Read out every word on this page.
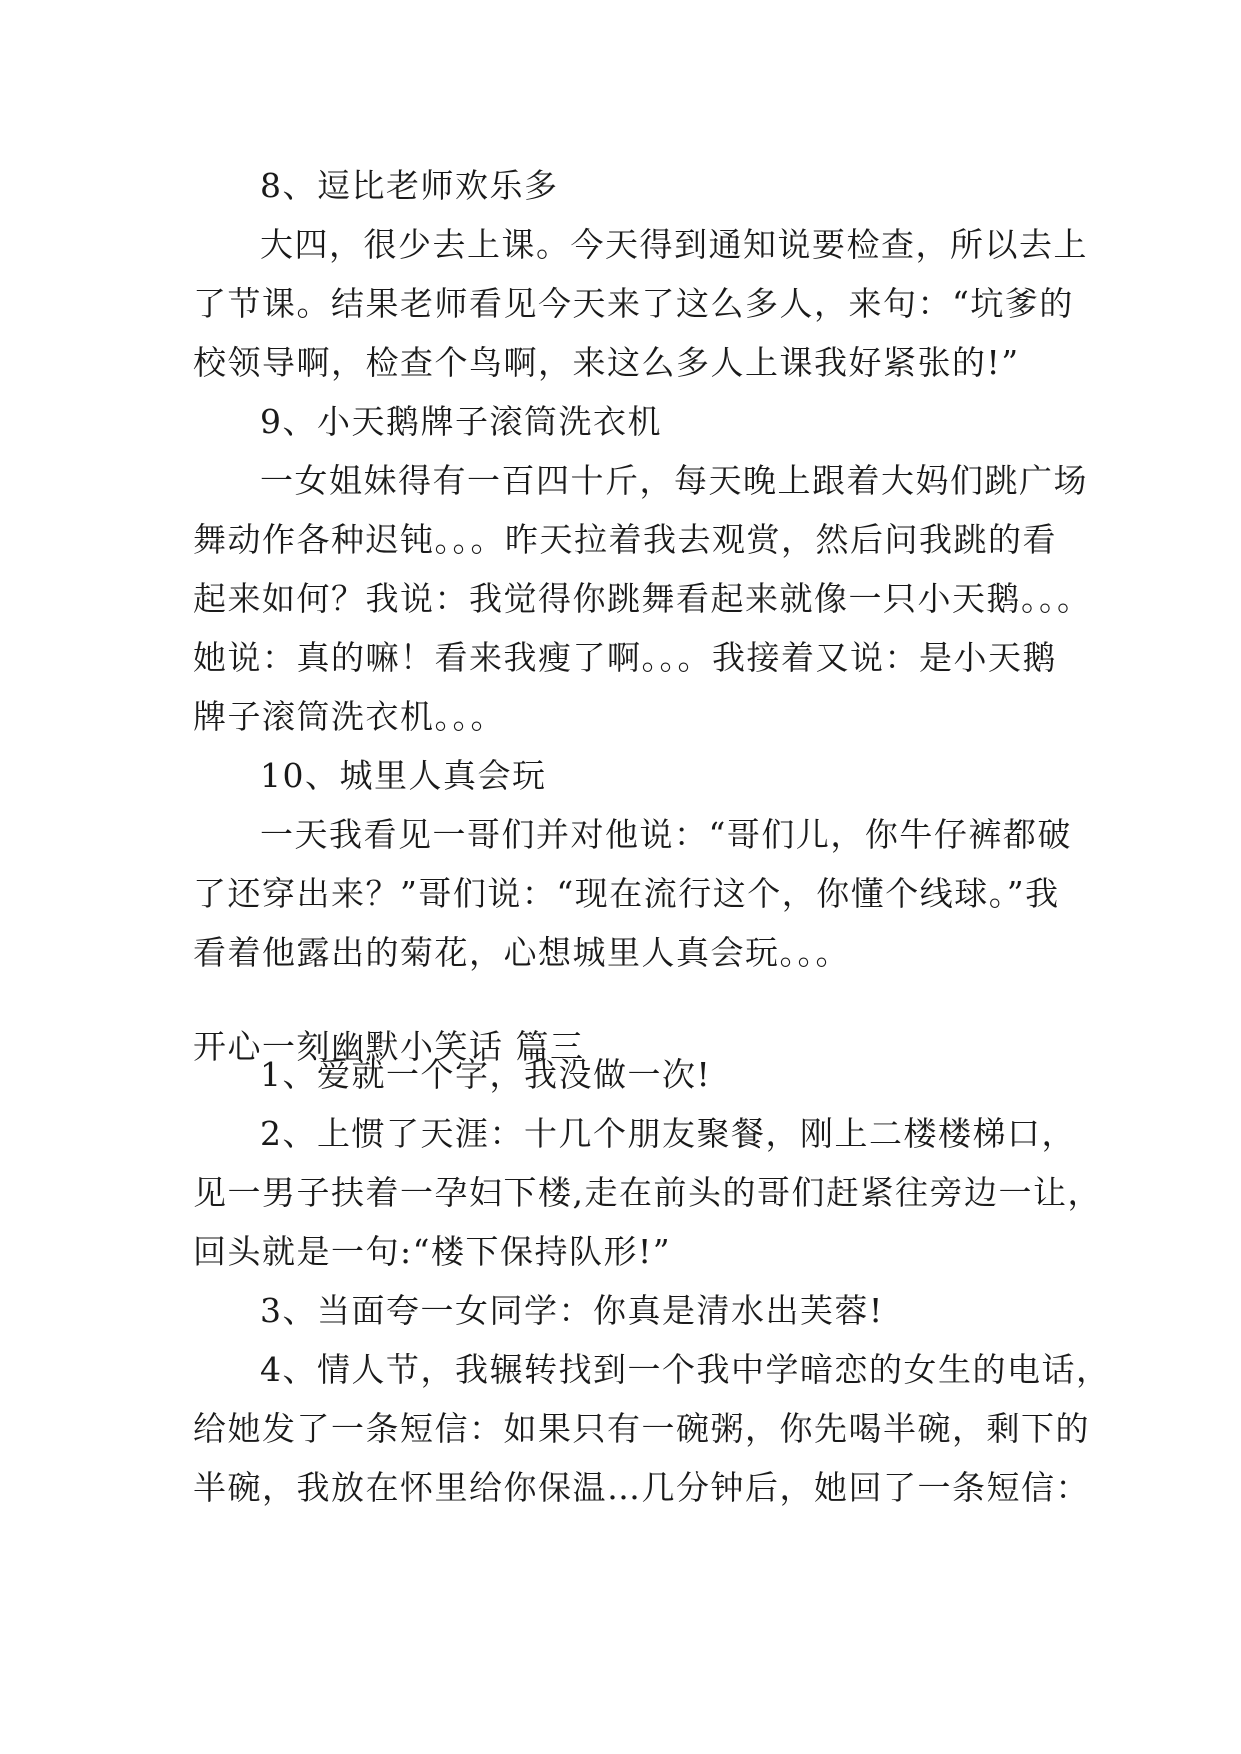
8、逗比老师欢乐多
大四，很少去上课。今天得到通知说要检查，所以去上
了节课。结果老师看见今天来了这么多人，来句：“坑爹的
校领导啊，检查个鸟啊，来这么多人上课我好紧张的!”
9、小天鹅牌子滚筒洗衣机
一女姐妹得有一百四十斤，每天晚上跟着大妈们跳广场
舞动作各种迟钝。。。昨天拉着我去观赏，然后问我跳的看
起来如何？我说：我觉得你跳舞看起来就像一只小天鹅。。。
她说：真的嘛！看来我瘦了啊。。。我接着又说：是小天鹅
牌子滚筒洗衣机。。。
10、城里人真会玩
一天我看见一哥们并对他说：“哥们儿，你牛仔裤都破
了还穿出来？”哥们说：“现在流行这个，你懂个线球。”我
看着他露出的菊花，心想城里人真会玩。。。
开心一刻幽默小笑话 篇三
1、爱就一个字，我没做一次!
2、上惯了天涯：十几个朋友聚餐，刚上二楼楼梯口，
见一男子扶着一孕妇下楼,走在前头的哥们赶紧往旁边一让，
回头就是一句:“楼下保持队形!”
3、当面夸一女同学：你真是清水出芙蓉!
4、情人节，我辗转找到一个我中学暗恋的女生的电话，
给她发了一条短信：如果只有一碗粥，你先喝半碗，剩下的
半碗，我放在怀里给你保温…几分钟后，她回了一条短信：
